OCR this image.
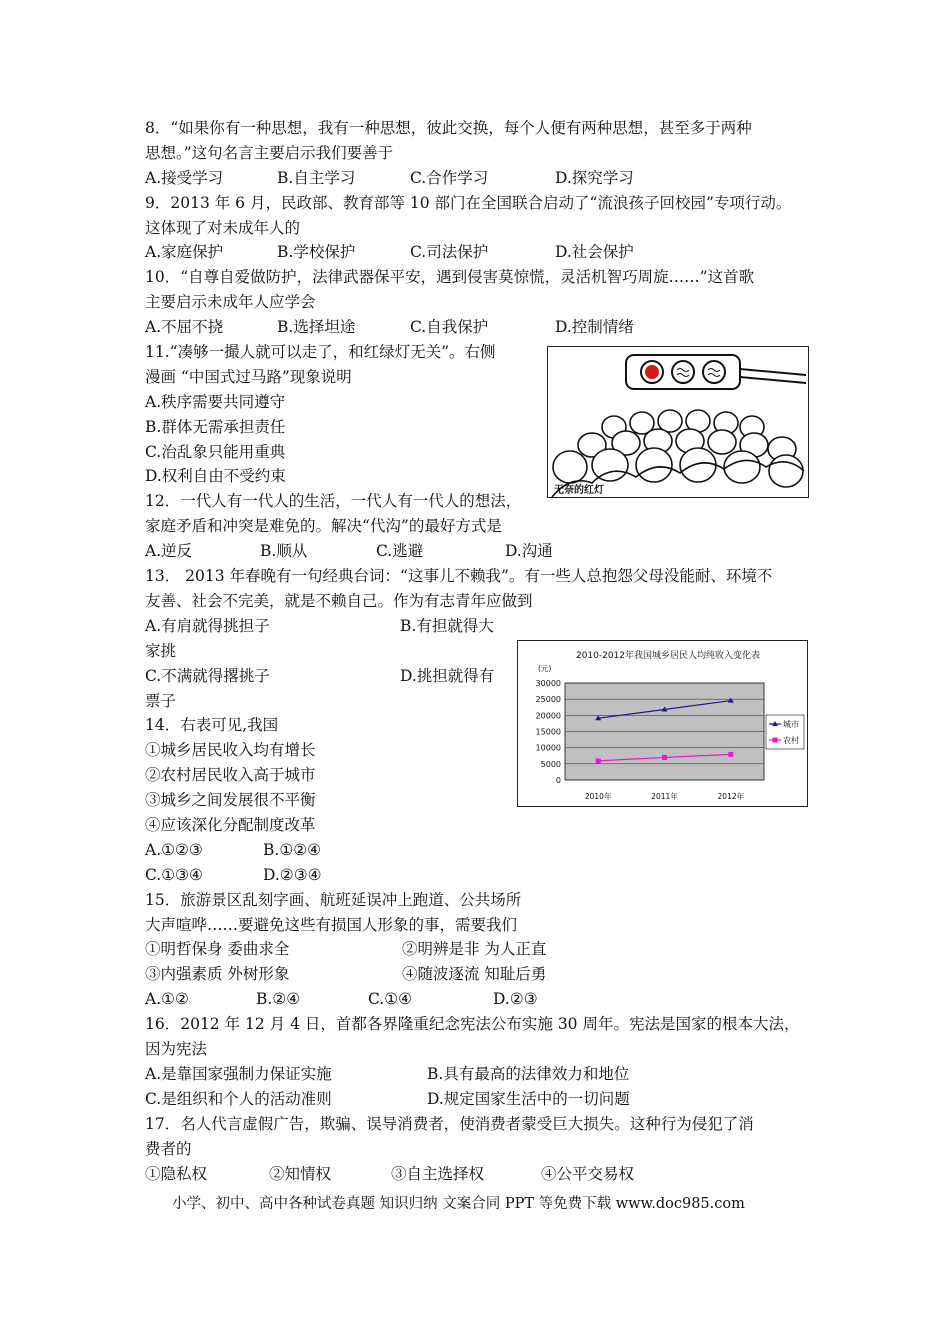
8．“如果你有一种思想，我有一种思想，彼此交换，每个人便有两种思想，甚至多于两种
思想。”这句名言主要启示我们要善于
A.接受学习	B.自主学习	C.合作学习	D.探究学习
9．2013 年 6 月，民政部、教育部等 10 部门在全国联合启动了“流浪孩子回校园”专项行动。
这体现了对未成年人的
A.家庭保护	B.学校保护	C.司法保护	D.社会保护
10．“自尊自爱做防护，法律武器保平安，遇到侵害莫惊慌，灵活机智巧周旋……”这首歌
主要启示未成年人应学会
A.不屈不挠	B.选择坦途	C.自我保护	D.控制情绪
11.“凑够一撮人就可以走了，和红绿灯无关”。右侧
漫画 “中国式过马路”现象说明
A.秩序需要共同遵守
B.群体无需承担责任
C.治乱象只能用重典
D.权利自由不受约束
无奈的红灯
12．一代人有一代人的生活，一代人有一代人的想法，
家庭矛盾和冲突是难免的。解决“代沟”的最好方式是
A.逆反	B.顺从	C.逃避	D.沟通
13． 2013 年春晚有一句经典台词：“这事儿不赖我”。有一些人总抱怨父母没能耐、环境不
友善、社会不完美，就是不赖自己。作为有志青年应做到
A.有肩就得挑担子	B.有担就得大
家挑
C.不满就得撂挑子	D.挑担就得有
票子
14．右表可见,我国
①城乡居民收入均有增长
②农村居民收入高于城市
③城乡之间发展很不平衡
④应该深化分配制度改革
A.①②③	B.①②④
C.①③④	D.②③④
2010-2012年我国城乡居民人均纯收入变化表
(元)
30000
25000
20000
15000
10000
5000
0
2010年	2011年	2012年
城市
农村
15．旅游景区乱刻字画、航班延误冲上跑道、公共场所
大声喧哗……要避免这些有损国人形象的事，需要我们
①明哲保身 委曲求全	②明辨是非 为人正直
③内强素质 外树形象	④随波逐流 知耻后勇
A.①②	B.②④	C.①④	D.②③
16．2012 年 12 月 4 日，首都各界隆重纪念宪法公布实施 30 周年。宪法是国家的根本大法，
因为宪法
A.是靠国家强制力保证实施	B.具有最高的法律效力和地位
C.是组织和个人的活动准则	D.规定国家生活中的一切问题
17．名人代言虚假广告，欺骗、误导消费者，使消费者蒙受巨大损失。这种行为侵犯了消
费者的
①隐私权	②知情权	③自主选择权	④公平交易权
小学、初中、高中各种试卷真题 知识归纳 文案合同 PPT 等免费下载 www.doc985.com
